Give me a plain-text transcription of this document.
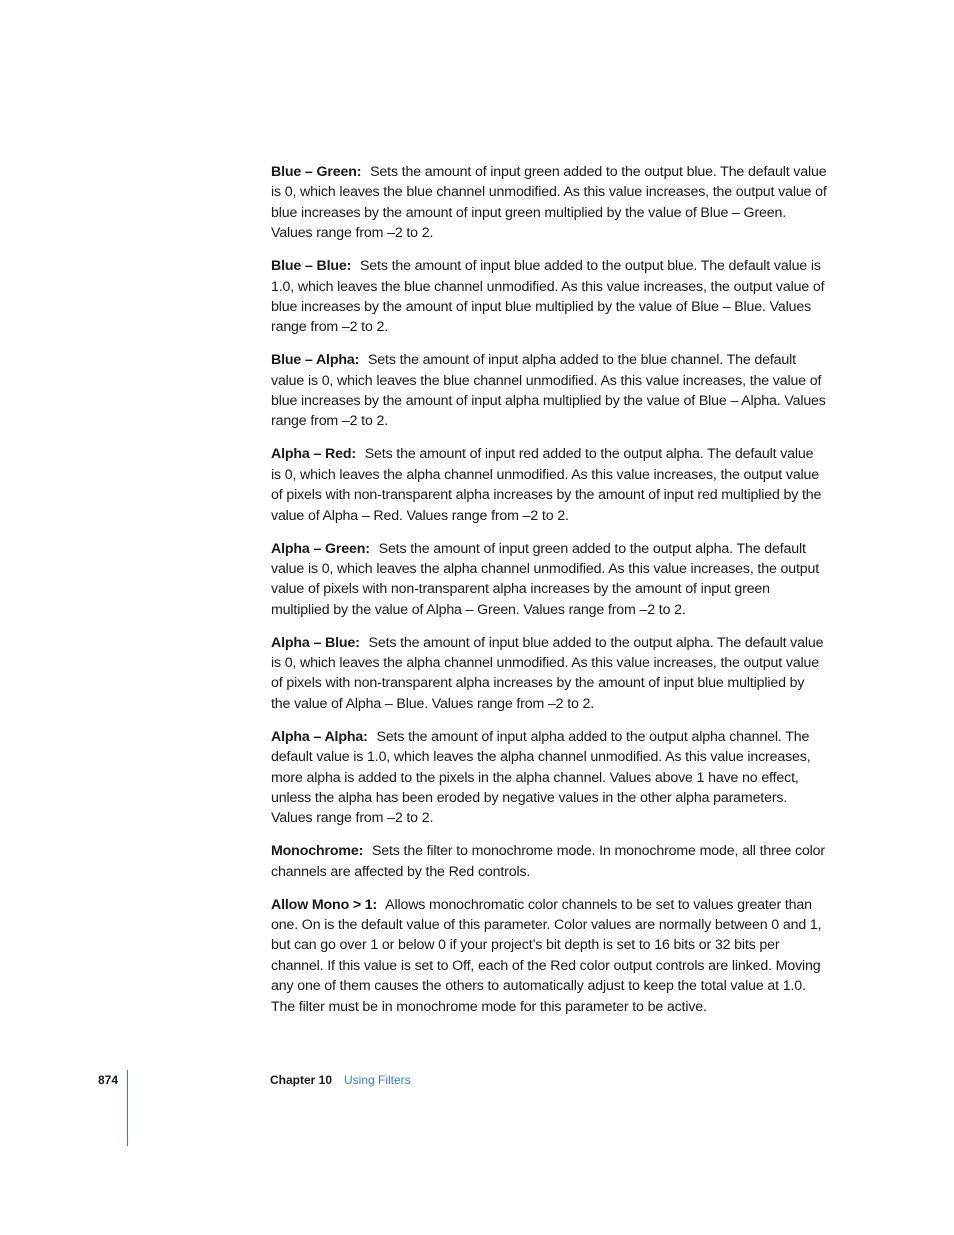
Blue – Green: Sets the amount of input green added to the output blue. The default value is 0, which leaves the blue channel unmodified. As this value increases, the output value of blue increases by the amount of input green multiplied by the value of Blue – Green. Values range from –2 to 2.

Blue – Blue: Sets the amount of input blue added to the output blue. The default value is 1.0, which leaves the blue channel unmodified. As this value increases, the output value of blue increases by the amount of input blue multiplied by the value of Blue – Blue. Values range from –2 to 2.

Blue – Alpha: Sets the amount of input alpha added to the blue channel. The default value is 0, which leaves the blue channel unmodified. As this value increases, the value of blue increases by the amount of input alpha multiplied by the value of Blue – Alpha. Values range from –2 to 2.

Alpha – Red: Sets the amount of input red added to the output alpha. The default value is 0, which leaves the alpha channel unmodified. As this value increases, the output value of pixels with non-transparent alpha increases by the amount of input red multiplied by the value of Alpha – Red. Values range from –2 to 2.

Alpha – Green: Sets the amount of input green added to the output alpha. The default value is 0, which leaves the alpha channel unmodified. As this value increases, the output value of pixels with non-transparent alpha increases by the amount of input green multiplied by the value of Alpha – Green. Values range from –2 to 2.

Alpha – Blue: Sets the amount of input blue added to the output alpha. The default value is 0, which leaves the alpha channel unmodified. As this value increases, the output value of pixels with non-transparent alpha increases by the amount of input blue multiplied by the value of Alpha – Blue. Values range from –2 to 2.

Alpha – Alpha: Sets the amount of input alpha added to the output alpha channel. The default value is 1.0, which leaves the alpha channel unmodified. As this value increases, more alpha is added to the pixels in the alpha channel. Values above 1 have no effect, unless the alpha has been eroded by negative values in the other alpha parameters. Values range from –2 to 2.

Monochrome: Sets the filter to monochrome mode. In monochrome mode, all three color channels are affected by the Red controls.

Allow Mono > 1: Allows monochromatic color channels to be set to values greater than one. On is the default value of this parameter. Color values are normally between 0 and 1, but can go over 1 or below 0 if your project’s bit depth is set to 16 bits or 32 bits per channel. If this value is set to Off, each of the Red color output controls are linked. Moving any one of them causes the others to automatically adjust to keep the total value at 1.0. The filter must be in monochrome mode for this parameter to be active.

874	Chapter 10 Using Filters
